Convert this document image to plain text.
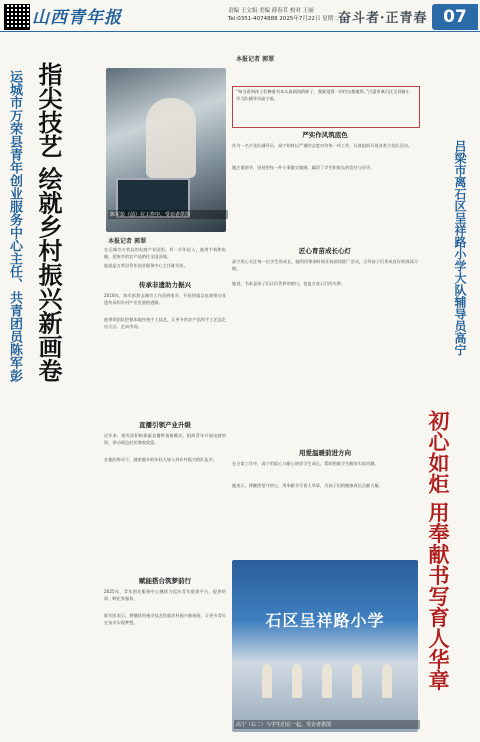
山西青年报	责编 王文娟 美编 薛春茗 校对 王丽
Tel:0351-4074888 2025年7月22日 星期二 奋斗者·正青春 07
运城市万荣县青年创业服务中心主任、共青团员陈军彭 指尖技艺 绘就乡村振兴新画卷	陈军彭（前）在工作中。受访者供图
本报记者 郭翠
在运城市万荣县的电商产业园里，有一位年轻人，他用手机和电脑，把家乡的农产品销往全国各地。
他就是万荣县青年创业服务中心主任陈军彭。
传承非遗助力振兴
2016年，陈军彭辞去城市工作回到家乡，开始探索以电商带动非遗传承和乡村产业发展的道路。
他带领团队挖掘本地传统手工技艺，让更多的农产品和手工艺品走出大山、走向市场。
直播引领产业升级
近年来，陈军彭积极探索直播带货新模式，组织青年开展电商培训，带动周边村民增收致富。
在他的带动下，越来越多的年轻人加入到乡村振兴的队伍中。
赋能搭台筑梦前行
2025年，青年创业服务中心继续为返乡青年搭建平台，提供培训、孵化等服务。
陈军彭表示，将继续用指尖技艺绘就乡村振兴新画卷，让更多青年在家乡实现梦想。
本报记者 郭翠
“每当看到孩子们捧着书本认真阅读的样子，我就觉得一切付出都值得。”吕梁市离石区呈祥路小学大队辅导员高宁说。
严实作风筑底色
作为一名少先队辅导员，高宁始终以严谨的态度对待每一项工作，认真组织开展各类少先队活动。
她注重细节，坚持把每一件小事做实做细，赢得了学生和家长的信任与好评。
匠心育苗成长心灯
高宁用心关注每一位学生的成长，她利用课余时间开展阅读推广活动，引导孩子们养成良好的阅读习惯。
她说，书本是孩子们认识世界的窗口，也是点亮心灯的火种。
用爱温暖前进方向
在日常工作中，高宁用爱心与耐心陪伴学生成长，帮助困难学生解决实际问题。
她表示，将继续坚守初心，用奉献书写育人华章，为孩子们的健康成长贡献力量。
吕梁市离石区呈祥路小学大队辅导员高宁
初心如炬 用奉献书写育人华章
石区呈祥路小学
高宁（右二）与学生们在一起。受访者供图
